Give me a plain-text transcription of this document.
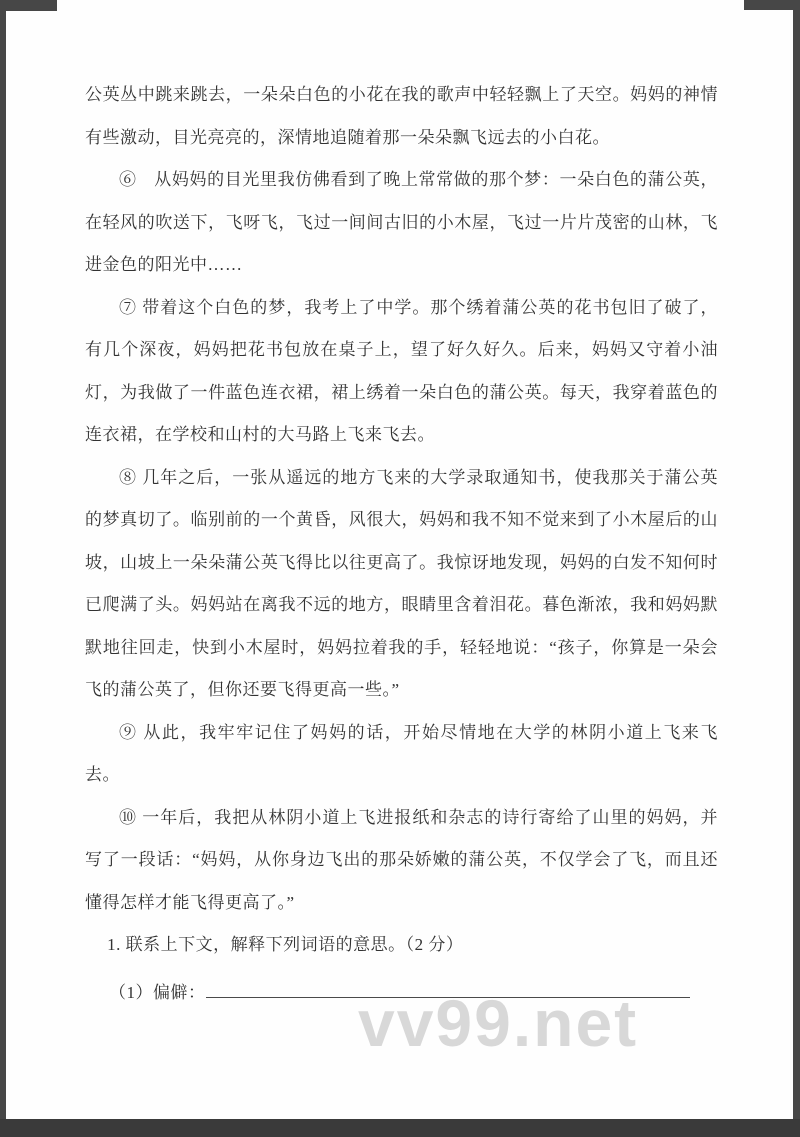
公英丛中跳来跳去，一朵朵白色的小花在我的歌声中轻轻飘上了天空。妈妈的神情有些激动，目光亮亮的，深情地追随着那一朵朵飘飞远去的小白花。

⑥　从妈妈的目光里我仿佛看到了晚上常常做的那个梦：一朵白色的蒲公英，在轻风的吹送下，飞呀飞，飞过一间间古旧的小木屋，飞过一片片茂密的山林，飞进金色的阳光中……

⑦ 带着这个白色的梦，我考上了中学。那个绣着蒲公英的花书包旧了破了，有几个深夜，妈妈把花书包放在桌子上，望了好久好久。后来，妈妈又守着小油灯，为我做了一件蓝色连衣裙，裙上绣着一朵白色的蒲公英。每天，我穿着蓝色的连衣裙，在学校和山村的大马路上飞来飞去。

⑧ 几年之后，一张从遥远的地方飞来的大学录取通知书，使我那关于蒲公英的梦真切了。临别前的一个黄昏，风很大，妈妈和我不知不觉来到了小木屋后的山坡，山坡上一朵朵蒲公英飞得比以往更高了。我惊讶地发现，妈妈的白发不知何时已爬满了头。妈妈站在离我不远的地方，眼睛里含着泪花。暮色渐浓，我和妈妈默默地往回走，快到小木屋时，妈妈拉着我的手，轻轻地说：“孩子，你算是一朵会飞的蒲公英了，但你还要飞得更高一些。”

⑨ 从此，我牢牢记住了妈妈的话，开始尽情地在大学的林阴小道上飞来飞去。

⑩ 一年后，我把从林阴小道上飞进报纸和杂志的诗行寄给了山里的妈妈，并写了一段话：“妈妈，从你身边飞出的那朵娇嫩的蒲公英，不仅学会了飞，而且还懂得怎样才能飞得更高了。”

1. 联系上下文，解释下列词语的意思。（2 分）

（1）偏僻： vv99.net
